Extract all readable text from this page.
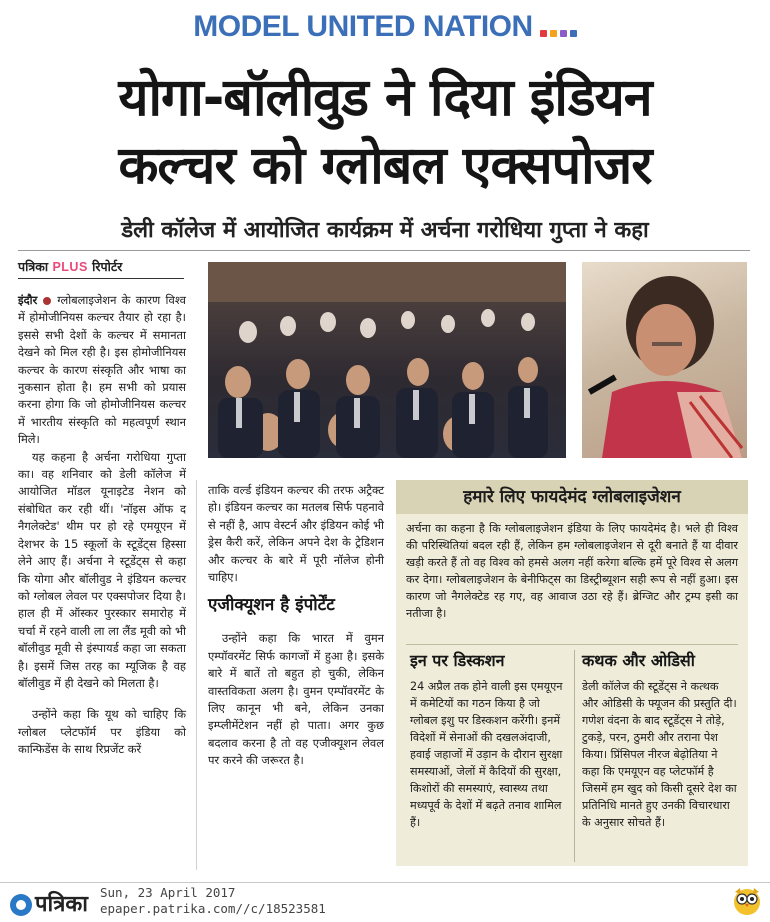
MODEL UNITED NATION
योगा-बॉलीवुड ने दिया इंडियन
कल्चर को ग्लोबल एक्सपोजर
डेली कॉलेज में आयोजित कार्यक्रम में अर्चना गरोधिया गुप्ता ने कहा
पत्रिका PLUS रिपोर्टर

इंदौर ग्लोबलाइजेशन के कारण विश्व में होमोजीनियस कल्चर तैयार हो रहा है। इससे सभी देशों के कल्चर में समानता देखने को मिल रही है। इस होमोजीनियस कल्चर के कारण संस्कृति और भाषा का नुकसान होता है। हम सभी को प्रयास करना होगा कि जो होमोजीनियस कल्चर में भारतीय संस्कृति को महत्वपूर्ण स्थान मिले।

यह कहना है अर्चना गरोधिया गुप्ता का। वह शनिवार को डेली कॉलेज में आयोजित मॉडल यूनाइटेड नेशन को संबोधित कर रही थीं। 'नॉइस ऑफ द नैगलेक्टेड' थीम पर हो रहे एमयूएन में देशभर के 15 स्कूलों के स्टूडेंट्स हिस्सा लेने आए हैं। अर्चना ने स्टूडेंट्स से कहा कि योगा और बॉलीवुड ने इंडियन कल्चर को ग्लोबल लेवल पर एक्सपोजर दिया है। हाल ही में ऑस्कर पुरस्कार समारोह में चर्चा में रहने वाली ला ला लैंड मूवी को भी बॉलीवुड मूवी से इंस्पायर्ड कहा जा सकता है। इसमें जिस तरह का म्यूजिक है वह बॉलीवुड में ही देखने को मिलता है।

उन्होंने कहा कि यूथ को चाहिए कि ग्लोबल प्लेटफॉर्म पर इंडिया को कान्फिडेंस के साथ रिप्रजेंट करें

ताकि वर्ल्ड इंडियन कल्चर की तरफ अट्रैक्ट हो। इंडियन कल्चर का मतलब सिर्फ पहनावे से नहीं है, आप वेस्टर्न और इंडियन कोई भी ड्रेस कैरी करें, लेकिन अपने देश के ट्रेडिशन और कल्चर के बारे में पूरी नॉलेज होनी चाहिए।

एजीक्यूशन है इंपोर्टेंट

उन्होंने कहा कि भारत में वुमन एम्पॉवरमेंट सिर्फ कागजों में हुआ है। इसके बारे में बातें तो बहुत हो चुकी, लेकिन वास्तविकता अलग है। वुमन एम्पॉवरमेंट के लिए कानून भी बने, लेकिन उनका इम्प्लीमेंटेशन नहीं हो पाता। अगर कुछ बदलाव करना है तो वह एजीक्यूशन लेवल पर करने की जरूरत है।

हमारे लिए फायदेमंद ग्लोबलाइजेशन
अर्चना का कहना है कि ग्लोबलाइजेशन इंडिया के लिए फायदेमंद है। भले ही विश्व की परिस्थितियां बदल रही हैं, लेकिन हम ग्लोबलाइजेशन से दूरी बनाते हैं या दीवार खड़ी करते हैं तो वह विश्व को हमसे अलग नहीं करेगा बल्कि हमें पूरे विश्व से अलग कर देगा। ग्लोबलाइजेशन के बेनीफिट्स का डिस्ट्रीब्यूशन सही रूप से नहीं हुआ। इस कारण जो नैगलेक्टेड रह गए, वह आवाज उठा रहे हैं। ब्रेग्जिट और ट्रम्प इसी का नतीजा है।
इन पर डिस्कशन
24 अप्रैल तक होने वाली इस एमयूएन में कमेटियों का गठन किया है जो ग्लोबल इशु पर डिस्कशन करेंगी। इनमें विदेशों में सेनाओं की दखलअंदाजी, हवाई जहाजों में उड़ान के दौरान सुरक्षा समस्याओं, जेलों में कैदियों की सुरक्षा, किशोरों की समस्याएं, स्वास्थ्य तथा मध्यपूर्व के देशों में बढ़ते तनाव शामिल हैं।
कथक और ओडिसी
डेली कॉलेज की स्टूडेंट्स ने कत्थक और ओडिसी के फ्यूजन की प्रस्तुति दी। गणेश वंदना के बाद स्टूडेंट्स ने तोड़े, टुकड़े, परन, ठुमरी और तराना पेश किया। प्रिंसिपल नीरज बेढ़ोतिया ने कहा कि एमयूएन वह प्लेटफॉर्म है जिसमें हम खुद को किसी दूसरे देश का प्रतिनिधि मानते हुए उनकी विचारधारा के अनुसार सोचते हैं।
पत्रिका Sun, 23 April 2017
epaper.patrika.com//c/18523581
